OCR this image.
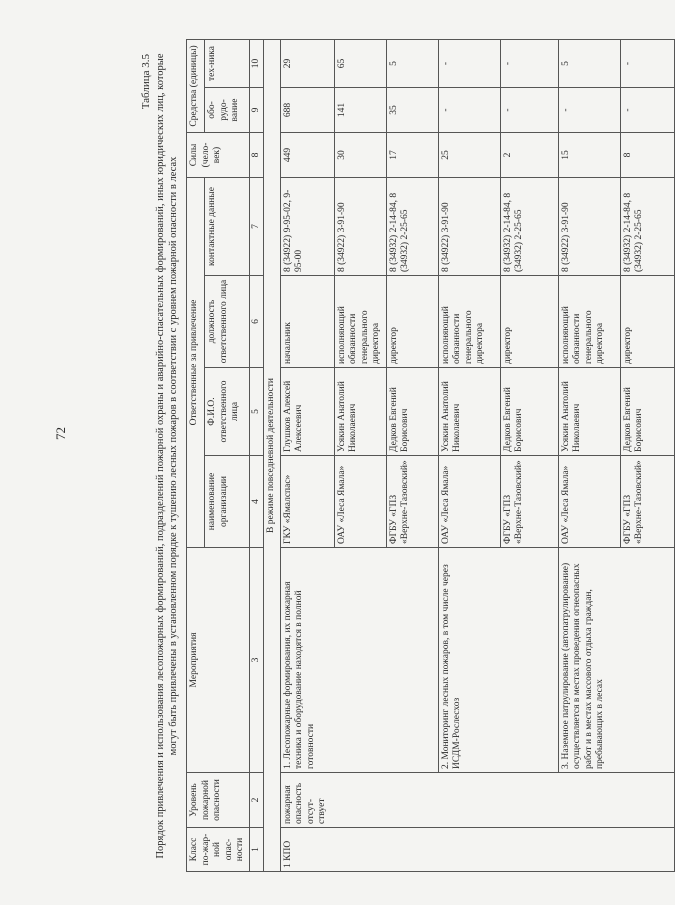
72
Таблица 3.5 Порядок привлечения и использования лесопожарных формирований, подразделений пожарной охраны и аварийно-спасательных формирований, иных юридических лиц, которые могут быть привлечены в установленном порядке к тушению лесных пожаров в соответствии с уровнем пожарной опасности в лесах
Класс по-жар-ной опас-ности	Уровень пожарной опасности	Мероприятия	Ответственные за привлечение				Силы (чело-век)	Средства (единицы)	
			наименование организации	Ф.И.О. ответственного лица	должность ответственного лица	контактные данные		обо-рудо-вание	тех-ника
1	2	3	4	5	6	7	8	9	10
В режиме повседневной деятельности									
1 КПО	пожарная опасность отсут-ствует	1. Лесопожарные формирования, их пожарная техника и оборудование находятся в полной готовности	ГКУ «Ямалспас»	Глушков Алексей Алексеевич	начальник	8 (34922) 9-95-02, 9-95-00	449	688	29
			ОАУ «Леса Ямала»	Усякин Анатолий Николаевич	исполняющий обязанности генерального директора	8 (34922) 3-91-90	30	141	65
			ФГБУ «ГПЗ «Верхне-Тазовский»	Дедков Евгений Борисович	директор	8 (34932) 2-14-84, 8 (34932) 2-25-65	17	35	5
		2. Мониторинг лесных пожаров, в том числе через ИСДМ-Рослесхоз	ОАУ «Леса Ямала»	Усякин Анатолий Николаевич	исполняющий обязанности генерального директора	8 (34922) 3-91-90	25	-	-
			ФГБУ «ГПЗ «Верхне-Тазовский»	Дедков Евгений Борисович	директор	8 (34932) 2-14-84, 8 (34932) 2-25-65	2	-	-
		3. Наземное патрулирование (автопатрулирование) осуществляется в местах проведения огнеопасных работ и в местах массового отдыха граждан, пребывающих в лесах	ОАУ «Леса Ямала»	Усякин Анатолий Николаевич	исполняющий обязанности генерального директора	8 (34922) 3-91-90	15	-	5
			ФГБУ «ГПЗ «Верхне-Тазовский»	Дедков Евгений Борисович	директор	8 (34932) 2-14-84, 8 (34932) 2-25-65	8	-	-
